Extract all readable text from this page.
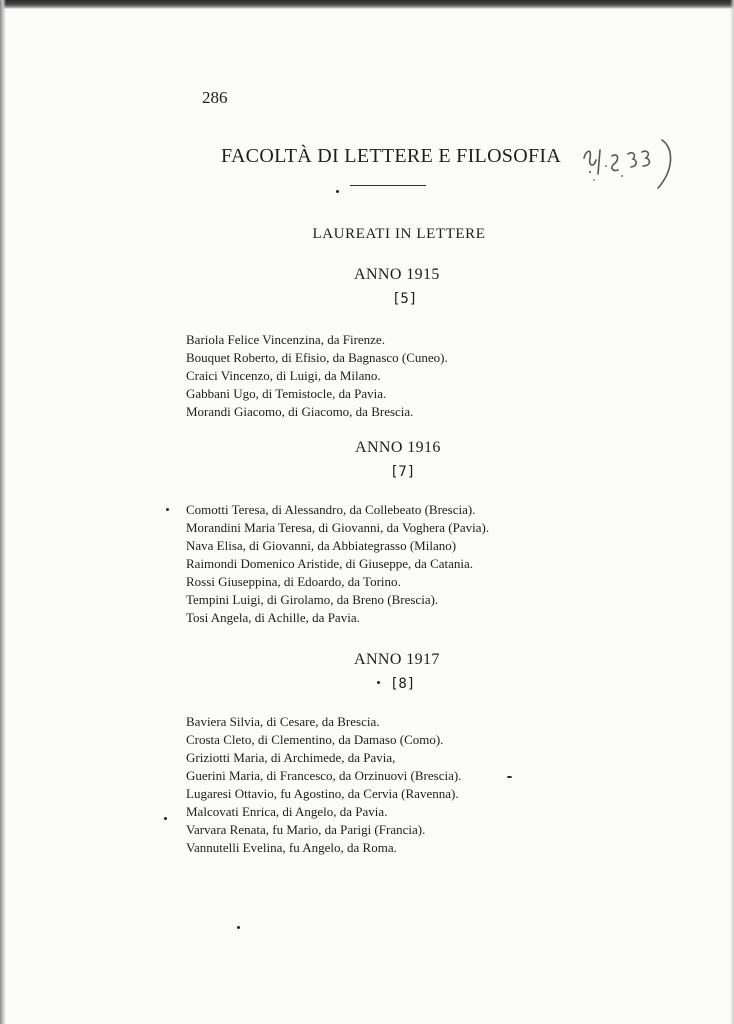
286
FACOLTÀ DI LETTERE E FILOSOFIA
LAUREATI IN LETTERE
ANNO 1915
[5]
Bariola Felice Vincenzina, da Firenze.
Bouquet Roberto, di Efisio, da Bagnasco (Cuneo).
Craici Vincenzo, di Luigi, da Milano.
Gabbani Ugo, di Temistocle, da Pavia.
Morandi Giacomo, di Giacomo, da Brescia.
ANNO 1916
[7]
Comotti Teresa, di Alessandro, da Collebeato (Brescia).
Morandini Maria Teresa, di Giovanni, da Voghera (Pavia).
Nava Elisa, di Giovanni, da Abbiategrasso (Milano)
Raimondi Domenico Aristide, di Giuseppe, da Catania.
Rossi Giuseppina, di Edoardo, da Torino.
Tempini Luigi, di Girolamo, da Breno (Brescia).
Tosi Angela, di Achille, da Pavia.
ANNO 1917
[8]
Baviera Silvia, di Cesare, da Brescia.
Crosta Cleto, di Clementino, da Damaso (Como).
Griziotti Maria, di Archimede, da Pavia,
Guerini Maria, di Francesco, da Orzinuovi (Brescia).
Lugaresi Ottavio, fu Agostino, da Cervia (Ravenna).
Malcovati Enrica, di Angelo, da Pavia.
Varvara Renata, fu Mario, da Parigi (Francia).
Vannutelli Evelina, fu Angelo, da Roma.
